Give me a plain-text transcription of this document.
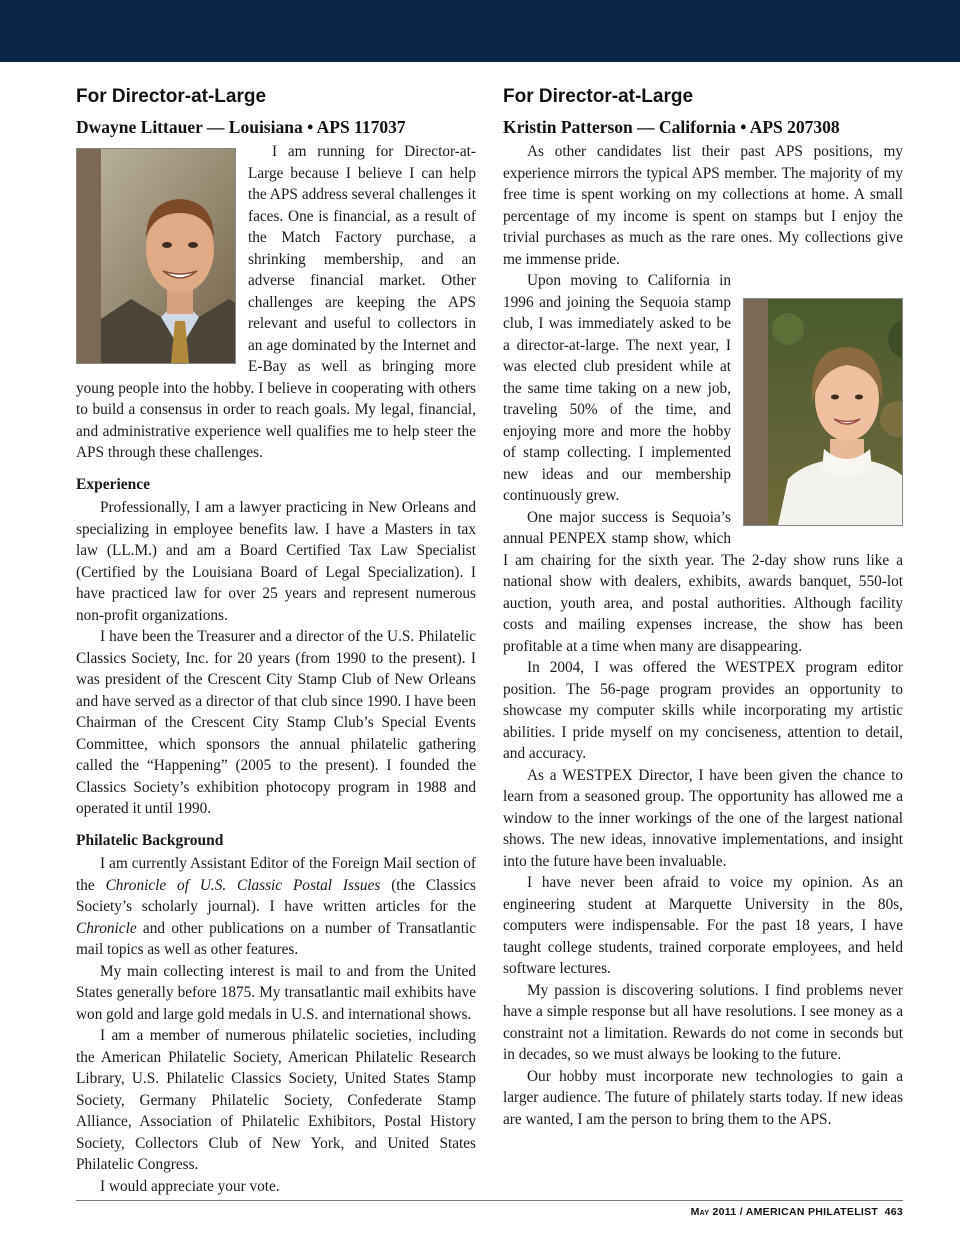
For Director-at-Large
Dwayne Littauer — Louisiana • APS 117037

I am running for Director-at-Large because I believe I can help the APS address several challenges it faces. One is financial, as a result of the Match Factory purchase, a shrinking membership, and an adverse financial market. Other challenges are keeping the APS relevant and useful to collectors in an age dominated by the Internet and E-Bay as well as bringing more young people into the hobby. I believe in cooperating with others to build a consensus in order to reach goals. My legal, financial, and administrative experience well qualifies me to help steer the APS through these challenges.

Experience

Professionally, I am a lawyer practicing in New Orleans and specializing in employee benefits law. I have a Masters in tax law (LL.M.) and am a Board Certified Tax Law Specialist (Certified by the Louisiana Board of Legal Specialization). I have practiced law for over 25 years and represent numerous non-profit organizations.

I have been the Treasurer and a director of the U.S. Philatelic Classics Society, Inc. for 20 years (from 1990 to the present). I was president of the Crescent City Stamp Club of New Orleans and have served as a director of that club since 1990. I have been Chairman of the Crescent City Stamp Club’s Special Events Committee, which sponsors the annual philatelic gathering called the “Happening” (2005 to the present). I founded the Classics Society’s exhibition photocopy program in 1988 and operated it until 1990.

Philatelic Background

I am currently Assistant Editor of the Foreign Mail section of the Chronicle of U.S. Classic Postal Issues (the Classics Society’s scholarly journal). I have written articles for the Chronicle and other publications on a number of Transatlantic mail topics as well as other features.

My main collecting interest is mail to and from the United States generally before 1875. My transatlantic mail exhibits have won gold and large gold medals in U.S. and international shows.

I am a member of numerous philatelic societies, including the American Philatelic Society, American Philatelic Research Library, U.S. Philatelic Classics Society, United States Stamp Society, Germany Philatelic Society, Confederate Stamp Alliance, Association of Philatelic Exhibitors, Postal History Society, Collectors Club of New York, and United States Philatelic Congress.

I would appreciate your vote.

For Director-at-Large
Kristin Patterson — California • APS 207308

As other candidates list their past APS positions, my experience mirrors the typical APS member. The majority of my free time is spent working on my collections at home. A small percentage of my income is spent on stamps but I enjoy the trivial purchases as much as the rare ones. My collections give me immense pride.

Upon moving to California in 1996 and joining the Sequoia stamp club, I was immediately asked to be a director-at-large. The next year, I was elected club president while at the same time taking on a new job, traveling 50% of the time, and enjoying more and more the hobby of stamp collecting. I implemented new ideas and our membership continuously grew.

One major success is Sequoia’s annual PENPEX stamp show, which I am chairing for the sixth year. The 2-day show runs like a national show with dealers, exhibits, awards banquet, 550-lot auction, youth area, and postal authorities. Although facility costs and mailing expenses increase, the show has been profitable at a time when many are disappearing.

In 2004, I was offered the WESTPEX program editor position. The 56-page program provides an opportunity to showcase my computer skills while incorporating my artistic abilities. I pride myself on my conciseness, attention to detail, and accuracy.

As a WESTPEX Director, I have been given the chance to learn from a seasoned group. The opportunity has allowed me a window to the inner workings of the one of the largest national shows. The new ideas, innovative implementations, and insight into the future have been invaluable.

I have never been afraid to voice my opinion. As an engineering student at Marquette University in the 80s, computers were indispensable. For the past 18 years, I have taught college students, trained corporate employees, and held software lectures.

My passion is discovering solutions. I find problems never have a simple response but all have resolutions. I see money as a constraint not a limitation. Rewards do not come in seconds but in decades, so we must always be looking to the future.

Our hobby must incorporate new technologies to gain a larger audience. The future of philately starts today. If new ideas are wanted, I am the person to bring them to the APS.

May 2011 / AMERICAN PHILATELIST  463
